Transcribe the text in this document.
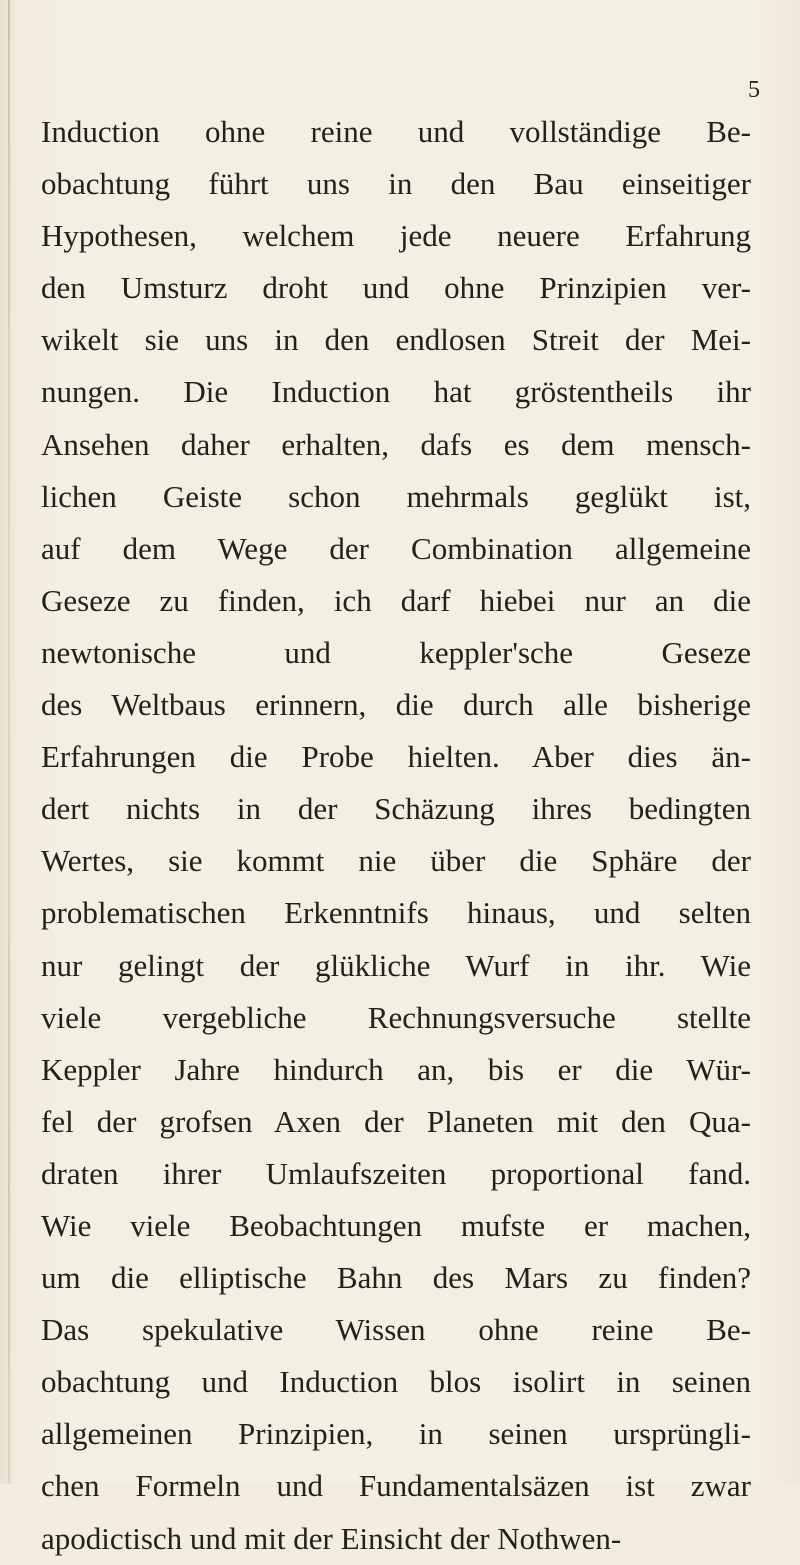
5
Induction ohne reine und vollständige Be-
obachtung führt uns in den Bau einseitiger
Hypothesen, welchem jede neuere Erfahrung
den Umsturz droht und ohne Prinzipien ver-
wikelt sie uns in den endlosen Streit der Mei-
nungen. Die Induction hat gröstentheils ihr
Ansehen daher erhalten, dafs es dem mensch-
lichen Geiste schon mehrmals geglükt ist,
auf dem Wege der Combination allgemeine
Geseze zu finden, ich darf hiebei nur an die
newtonische und keppler'sche Geseze
des Weltbaus erinnern, die durch alle bisherige
Erfahrungen die Probe hielten. Aber dies än-
dert nichts in der Schäzung ihres bedingten
Wertes, sie kommt nie über die Sphäre der
problematischen Erkenntnifs hinaus, und selten
nur gelingt der glükliche Wurf in ihr. Wie
viele vergebliche Rechnungsversuche stellte
Keppler Jahre hindurch an, bis er die Wür-
fel der grofsen Axen der Planeten mit den Qua-
draten ihrer Umlaufszeiten proportional fand.
Wie viele Beobachtungen mufste er machen,
um die elliptische Bahn des Mars zu finden?
Das spekulative Wissen ohne reine Be-
obachtung und Induction blos isolirt in seinen
allgemeinen Prinzipien, in seinen ursprüngli-
chen Formeln und Fundamentalsäzen ist zwar
apodictisch und mit der Einsicht der Nothwen-
